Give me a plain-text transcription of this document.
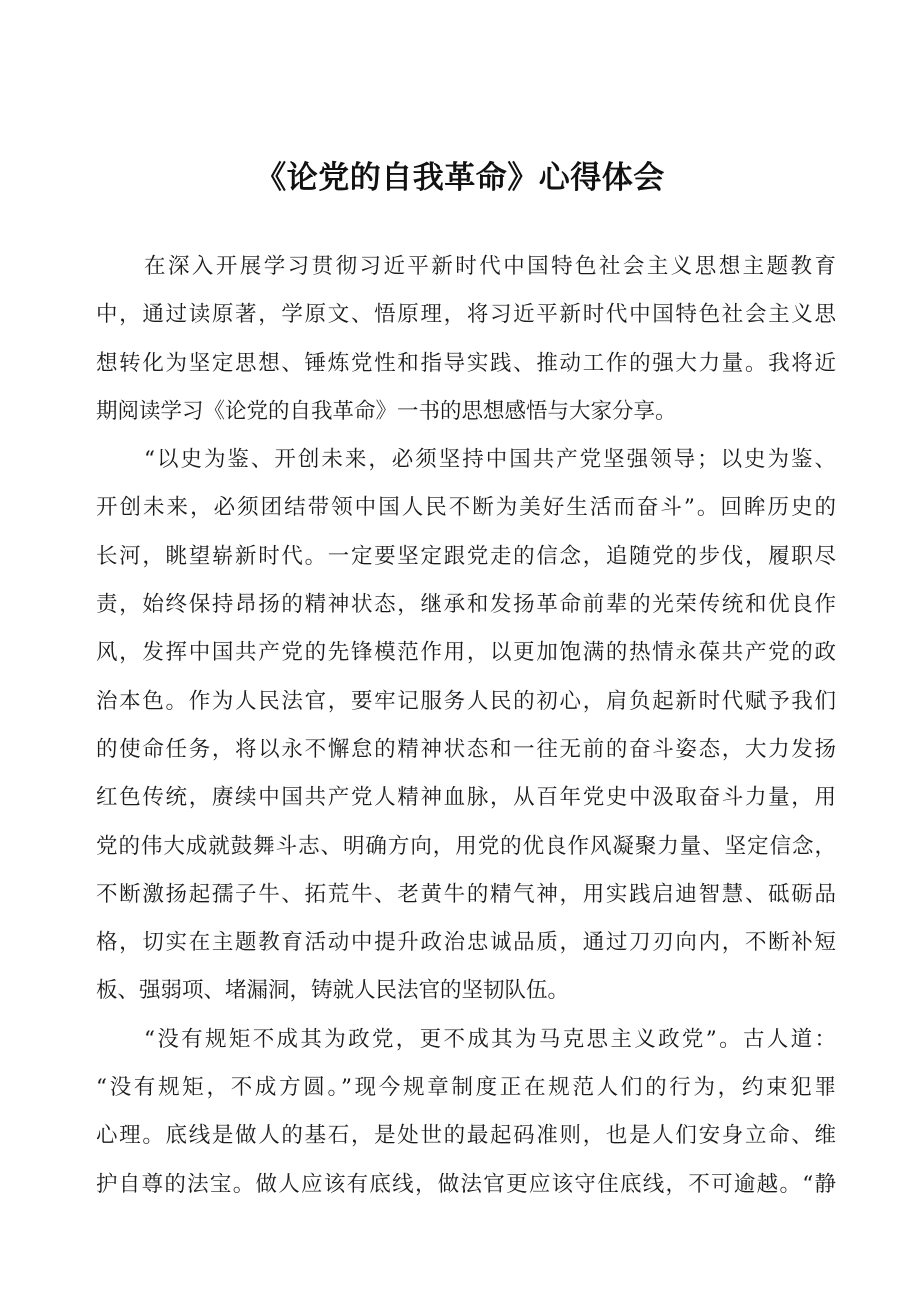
《论党的自我革命》心得体会
在深入开展学习贯彻习近平新时代中国特色社会主义思想主题教育
中，通过读原著，学原文、悟原理，将习近平新时代中国特色社会主义思
想转化为坚定思想、锤炼党性和指导实践、推动工作的强大力量。我将近
期阅读学习《论党的自我革命》一书的思想感悟与大家分享。
“以史为鉴、开创未来，必须坚持中国共产党坚强领导；以史为鉴、
开创未来，必须团结带领中国人民不断为美好生活而奋斗”。回眸历史的
长河，眺望崭新时代。一定要坚定跟党走的信念，追随党的步伐，履职尽
责，始终保持昂扬的精神状态，继承和发扬革命前辈的光荣传统和优良作
风，发挥中国共产党的先锋模范作用，以更加饱满的热情永葆共产党的政
治本色。作为人民法官，要牢记服务人民的初心，肩负起新时代赋予我们
的使命任务，将以永不懈怠的精神状态和一往无前的奋斗姿态，大力发扬
红色传统，赓续中国共产党人精神血脉，从百年党史中汲取奋斗力量，用
党的伟大成就鼓舞斗志、明确方向，用党的优良作风凝聚力量、坚定信念，
不断激扬起孺子牛、拓荒牛、老黄牛的精气神，用实践启迪智慧、砥砺品
格，切实在主题教育活动中提升政治忠诚品质，通过刀刃向内，不断补短
板、强弱项、堵漏洞，铸就人民法官的坚韧队伍。
“没有规矩不成其为政党，更不成其为马克思主义政党”。古人道：
“没有规矩，不成方圆。”现今规章制度正在规范人们的行为，约束犯罪
心理。底线是做人的基石，是处世的最起码准则，也是人们安身立命、维
护自尊的法宝。做人应该有底线，做法官更应该守住底线，不可逾越。“静
